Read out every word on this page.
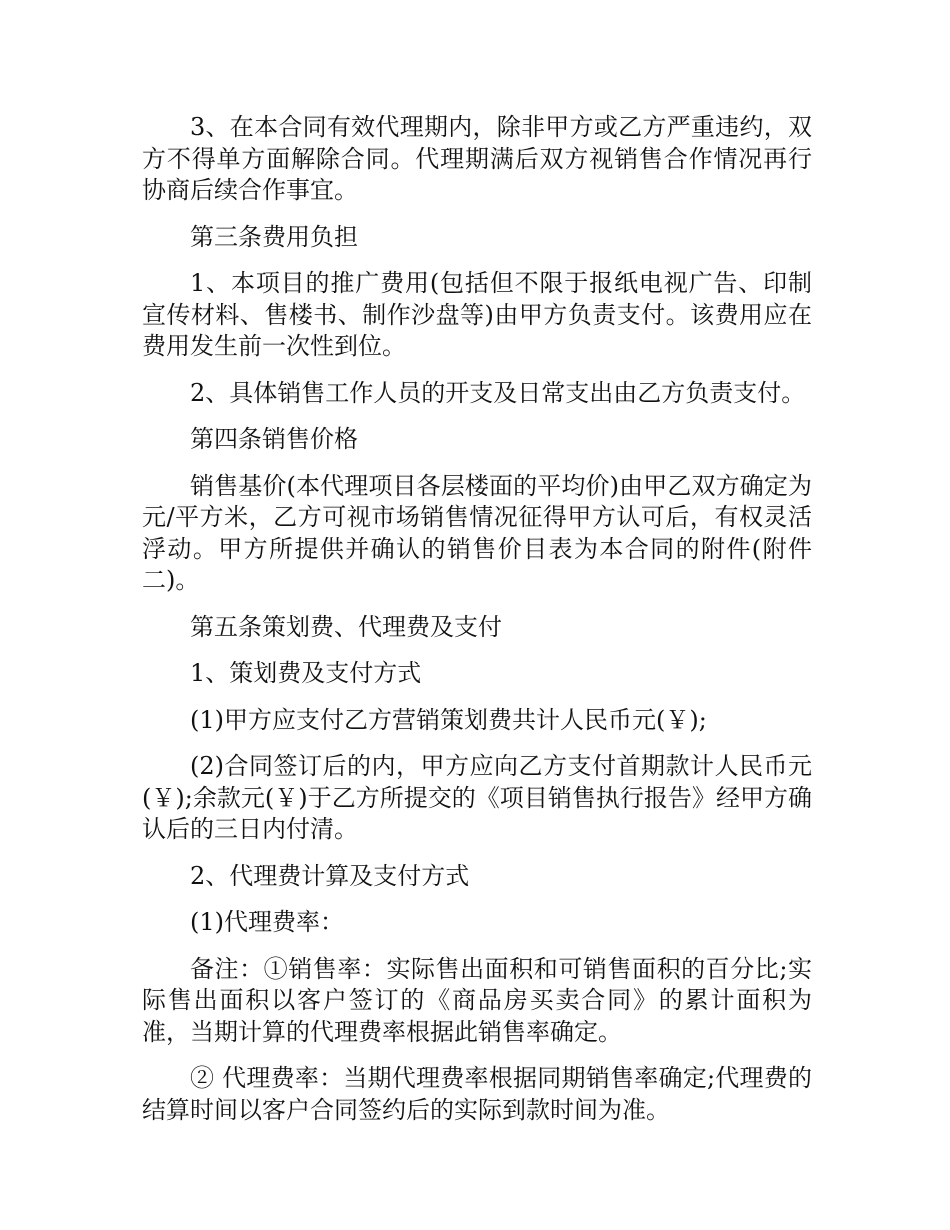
3、在本合同有效代理期内，除非甲方或乙方严重违约，双方不得单方面解除合同。代理期满后双方视销售合作情况再行协商后续合作事宜。

第三条费用负担

1、本项目的推广费用(包括但不限于报纸电视广告、印制宣传材料、售楼书、制作沙盘等)由甲方负责支付。该费用应在费用发生前一次性到位。

2、具体销售工作人员的开支及日常支出由乙方负责支付。

第四条销售价格

销售基价(本代理项目各层楼面的平均价)由甲乙双方确定为元/平方米，乙方可视市场销售情况征得甲方认可后，有权灵活浮动。甲方所提供并确认的销售价目表为本合同的附件(附件二)。

第五条策划费、代理费及支付

1、策划费及支付方式

(1)甲方应支付乙方营销策划费共计人民币元(￥);

(2)合同签订后的内，甲方应向乙方支付首期款计人民币元(￥);余款元(￥)于乙方所提交的《项目销售执行报告》经甲方确认后的三日内付清。

2、代理费计算及支付方式

(1)代理费率：

备注：①销售率：实际售出面积和可销售面积的百分比;实际售出面积以客户签订的《商品房买卖合同》的累计面积为准，当期计算的代理费率根据此销售率确定。

② 代理费率：当期代理费率根据同期销售率确定;代理费的结算时间以客户合同签约后的实际到款时间为准。
